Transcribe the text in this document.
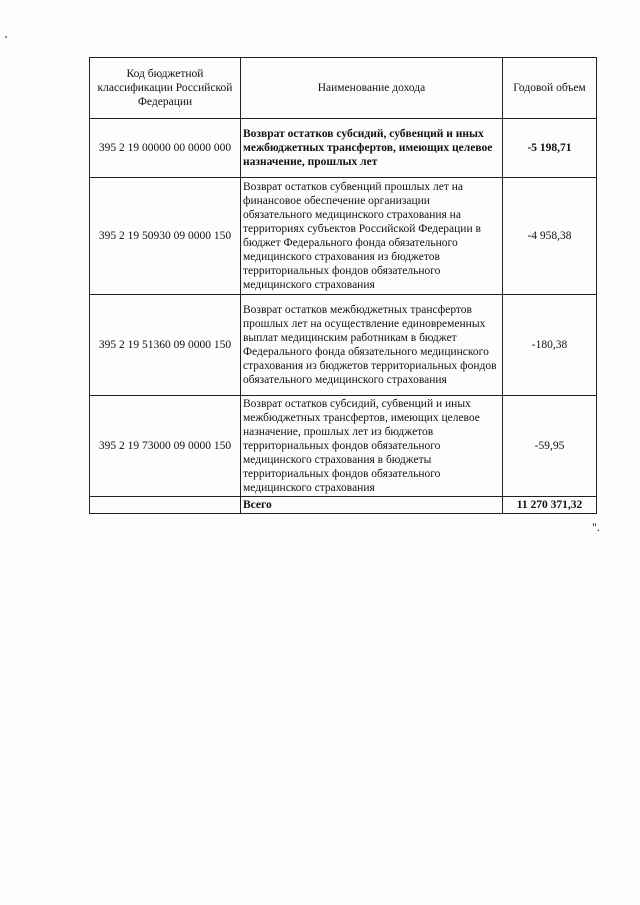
Код бюджетной классификации Российской Федерации	Наименование дохода	Годовой объем
395 2 19 00000 00 0000 000	Возврат остатков субсидий, субвенций и иных межбюджетных трансфертов, имеющих целевое назначение, прошлых лет	-5 198,71
395 2 19 50930 09 0000 150	Возврат остатков субвенций прошлых лет на финансовое обеспечение организации обязательного медицинского страхования на территориях субъектов Российской Федерации в бюджет Федерального фонда обязательного медицинского страхования из бюджетов территориальных фондов обязательного медицинского страхования	-4 958,38
395 2 19 51360 09 0000 150	Возврат остатков межбюджетных трансфертов прошлых лет на осуществление единовременных выплат медицинским работникам в бюджет Федерального фонда обязательного медицинского страхования из бюджетов территориальных фондов обязательного медицинского страхования	-180,38
395 2 19 73000 09 0000 150	Возврат остатков субсидий, субвенций и иных межбюджетных трансфертов, имеющих целевое назначение, прошлых лет из бюджетов территориальных фондов обязательного медицинского страхования в бюджеты территориальных фондов обязательного медицинского страхования	-59,95
	Всего	11 270 371,32
".
